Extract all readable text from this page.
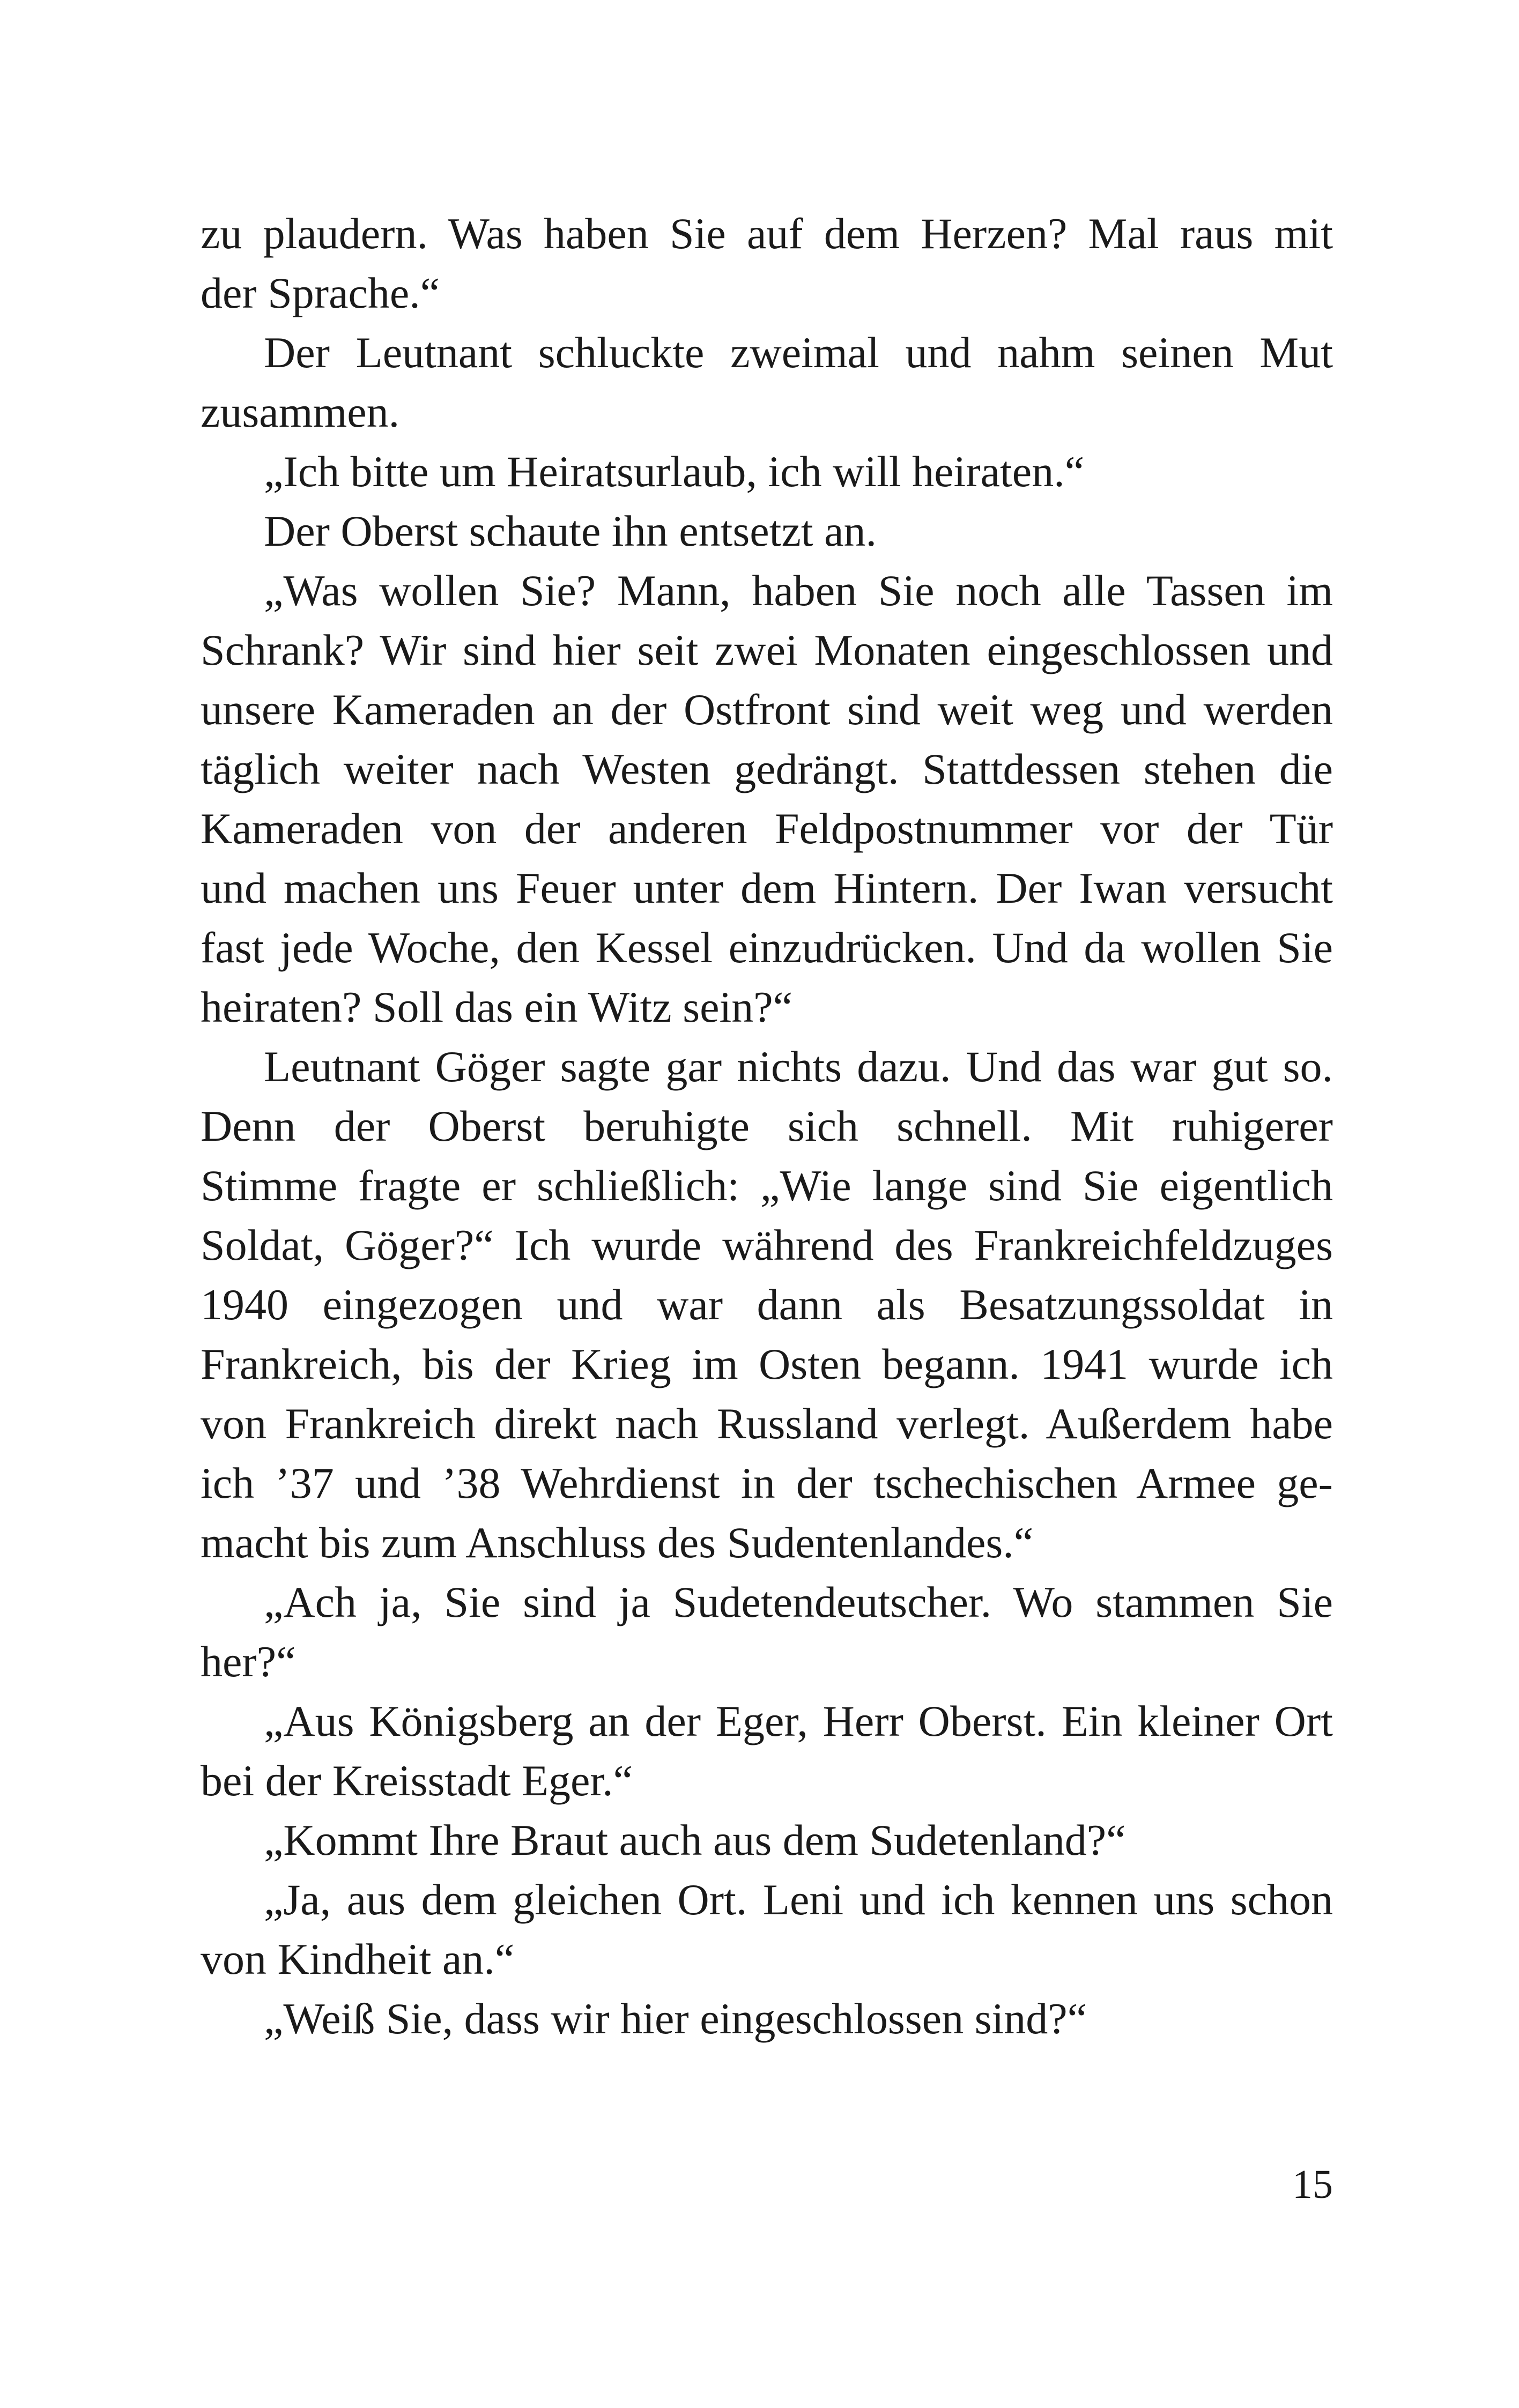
zu plaudern. Was haben Sie auf dem Herzen? Mal raus mit
der Sprache.“
Der Leutnant schluckte zweimal und nahm seinen Mut
zusammen.
„Ich bitte um Heiratsurlaub, ich will heiraten.“
Der Oberst schaute ihn entsetzt an.
„Was wollen Sie? Mann, haben Sie noch alle Tassen im
Schrank? Wir sind hier seit zwei Monaten eingeschlossen und
unsere Kameraden an der Ostfront sind weit weg und werden
täglich weiter nach Westen gedrängt. Stattdessen stehen die
Kameraden von der anderen Feldpostnummer vor der Tür
und machen uns Feuer unter dem Hintern. Der Iwan versucht
fast jede Woche, den Kessel einzudrücken. Und da wollen Sie
heiraten? Soll das ein Witz sein?“
Leutnant Göger sagte gar nichts dazu. Und das war gut so.
Denn der Oberst beruhigte sich schnell. Mit ruhigerer
Stimme fragte er schließlich: „Wie lange sind Sie eigentlich
Soldat, Göger?“ Ich wurde während des Frankreichfeldzuges
1940 eingezogen und war dann als Besatzungssoldat in
Frankreich, bis der Krieg im Osten begann. 1941 wurde ich
von Frankreich direkt nach Russland verlegt. Außerdem habe
ich ’37 und ’38 Wehrdienst in der tschechischen Armee ge-
macht bis zum Anschluss des Sudentenlandes.“
„Ach ja, Sie sind ja Sudetendeutscher. Wo stammen Sie
her?“
„Aus Königsberg an der Eger, Herr Oberst. Ein kleiner Ort
bei der Kreisstadt Eger.“
„Kommt Ihre Braut auch aus dem Sudetenland?“
„Ja, aus dem gleichen Ort. Leni und ich kennen uns schon
von Kindheit an.“
„Weiß Sie, dass wir hier eingeschlossen sind?“
15
